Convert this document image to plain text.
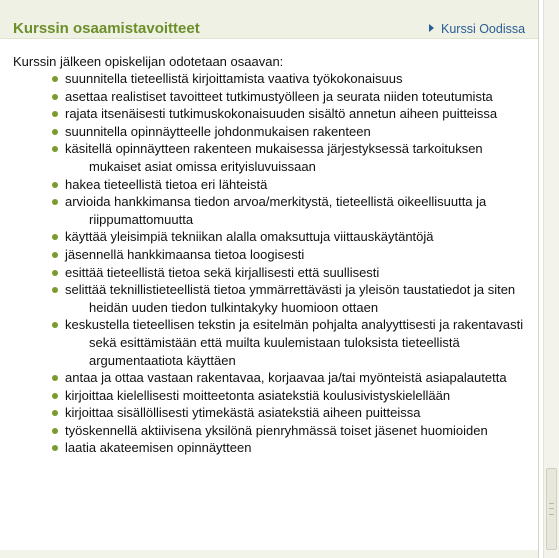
Kurssin osaamistavoitteet	Kurssi Oodissa
Kurssin jälkeen opiskelijan odotetaan osaavan:
suunnitella tieteellistä kirjoittamista vaativa työkokonaisuus
asettaa realistiset tavoitteet tutkimustyölleen ja seurata niiden toteutumista
rajata itsenäisesti tutkimuskokonaisuuden sisältö annetun aiheen puitteissa
suunnitella opinnäytteelle johdonmukaisen rakenteen
käsitellä opinnäytteen rakenteen mukaisessa järjestyksessä tarkoituksen mukaiset asiat omissa erityisluvuissaan
hakea tieteellistä tietoa eri lähteistä
arvioida hankkimansa tiedon arvoa/merkitystä, tieteellistä oikeellisuutta ja riippumattomuutta
käyttää yleisimpiä tekniikan alalla omaksuttuja viittauskäytäntöjä
jäsennellä hankkimaansa tietoa loogisesti
esittää tieteellistä tietoa sekä kirjallisesti että suullisesti
selittää teknillistieteellistä tietoa ymmärrettävästi ja yleisön taustatiedot ja siten heidän uuden tiedon tulkintakyky huomioon ottaen
keskustella tieteellisen tekstin ja esitelmän pohjalta analyyttisesti ja rakentavasti sekä esittämistään että muilta kuulemistaan tuloksista tieteellistä argumentaatiota käyttäen
antaa ja ottaa vastaan rakentavaa, korjaavaa ja/tai myönteistä asiapalautetta
kirjoittaa kielellisesti moitteetonta asiatekstiä koulusivistyskielellään
kirjoittaa sisällöllisesti ytimekästä asiatekstiä aiheen puitteissa
työskennellä aktiivisena yksilönä pienryhmässä toiset jäsenet huomioiden
laatia akateemisen opinnäytteen
